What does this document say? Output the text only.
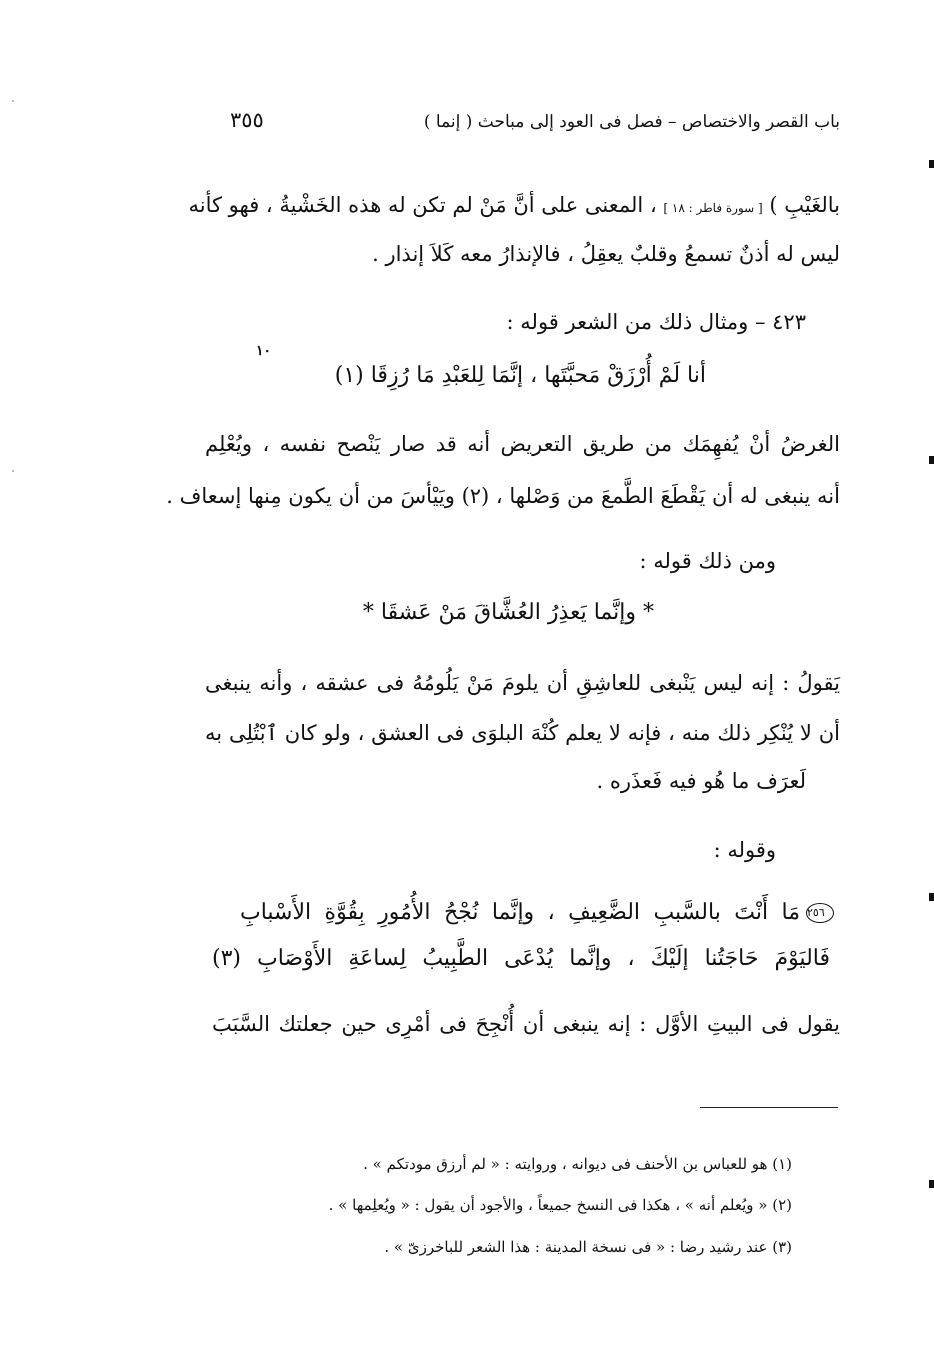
باب القصر والاختصاص – فصل فى العود إلى مباحث ( إنما )
٣٥٥
بالغَيْبِ ) [ سورة فاطر : ١٨ ] ، المعنى على أنَّ مَنْ لم تكن له هذه الخَشْيةُ ، فهو كأنه
ليس له أذنٌ تسمعُ وقلبٌ يعقِلُ ، فالإنذارُ معه كَلاَ إنذار .
٤٢٣ – ومثال ذلك من الشعر قوله :
١٠
أنا لَمْ أُرْزَقْ مَحبَّتَها ، إنَّمَا لِلعَبْدِ مَا رُزِقَا (١)
الغرضُ أنْ يُفهِمَك من طريق التعريض أنه قد صار يَنْصح نفسه ، ويُعْلِم
أنه ينبغى له أن يَقْطَعَ الطَّمعَ من وَصْلها ، (٢) ويَيْأسَ من أن يكون مِنها إسعاف .
ومن ذلك قوله :
* وإنَّما يَعذِرُ العُشَّاقَ مَنْ عَشقَا *
يَقولُ : إنه ليس يَنْبغى للعاشِقِ أن يلومَ مَنْ يَلُومُهُ فى عشقه ، وأنه ينبغى
أن لا يُنْكِر ذلك منه ، فإنه لا يعلم كُنْهَ البلوَى فى العشق ، ولو كان ٱبْتُلِى به
لَعرَف ما هُو فيه فَعذَره .
وقوله :
٢٥٦مَا أَنْتَ بالسَّببِ الضَّعِيفِ ، وإنَّما نُجْحُ الأُمُورِ بِقُوَّةِ الأَسْبابِ
فَاليَوْمَ حَاجَتُنا إلَيْكَ ، وإنَّما يُدْعَى الطَّبِيبُ لِساعَةِ الأَوْصَابِ (٣)
يقول فى البيتِ الأوَّل : إنه ينبغى أن أُنْجِحَ فى أمْرِى حين جعلتك السَّبَبَ
(١) هو للعباس بن الأحنف فى ديوانه ، وروايته : « لم أرزق مودتكم » .
(٢) « ويُعلم أنه » ، هكذا فى النسخ جميعاً ، والأجود أن يقول : « ويُعلِمها » .
(٣) عند رشيد رضا : « فى نسخة المدينة : هذا الشعر للباخرزىّ » .
